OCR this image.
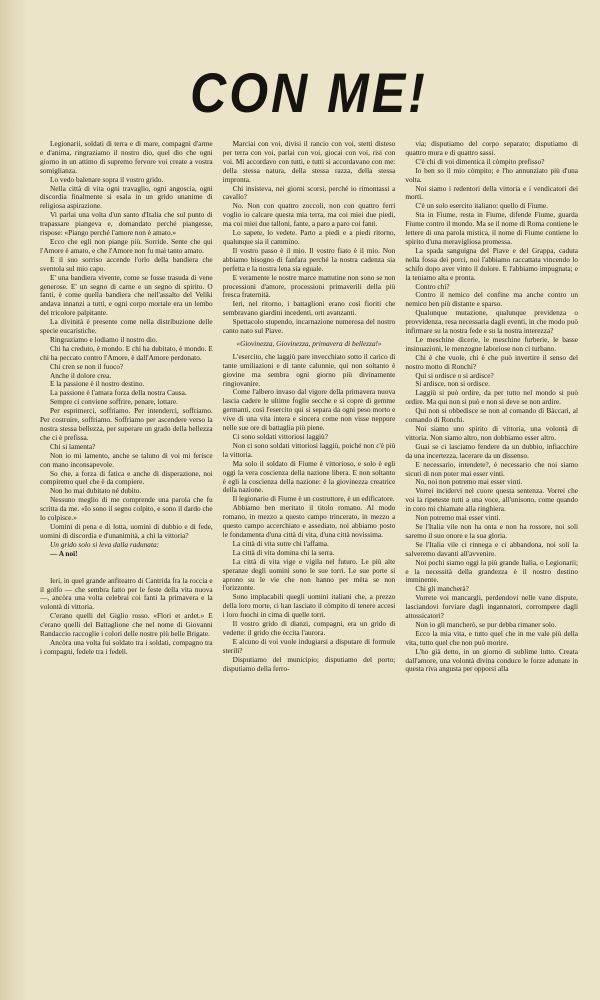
CON ME!

Legionarii, soldati di terra e di mare, compagni d'arme e d'anima, ringraziamo il nostro dio, quel dio che ogni giorno in un attimo di supremo fervore voi create a vostra somiglianza.

Lo vedo balenare sopra il vostro grido.

Nella città di vita ogni travaglio, ogni angoscia, ogni discordia finalmente si esala in un grido unanime di religiosa aspirazione.

Vi parlai una volta d'un santo d'Italia che sul punto di trapassare piangeva e, domandato perché piangesse, rispose: «Piango perché l'amore non è amato.»

Ecco che egli non piange più. Sorride. Sente che qui l'Amore è amato, e che l'Amore non fu mai tanto amato.

E il suo sorriso accende l'orlo della bandiera che sventola sul mio capo.

E' una bandiera vivente, come se fosse trasuda di vene generose. E' un segno di carne e un segno di spirito. O fanti, è come quella bandiera che nell'assalto del Veliki andava innanzi a tutti, e ogni corpo mortale era un lembo del tricolore palpitante.

La divinità è presente come nella distribuzione delle specie eucaristiche.

Ringraziamo e lodiamo il nostro dio.

Chi ha creduto, è mondo. E chi ha dubitato, è mondo. E chi ha peccato contro l'Amore, è dall'Amore perdonato.

Chi cren se non il fuoco?

Anche il dolore crea.

E la passione è il nostro destino.

La passione è l'amara forza della nostra Causa.

Sempre ci conviene soffrire, penare, lottare.

Per esprimerci, soffriamo. Per intenderci, soffriamo. Per costruire, soffriamo. Soffriamo per ascendere verso la nostra stessa bellezza, per superare un grado della bellezza che ci è prefissa.

Chi si lamenta?

Non io mi lamento, anche se taluno di voi mi ferisce con mano inconsapevole.

So che, a forza di fatica e anche di disperazione, noi compiremo quel che è da compiere.

Non ho mai dubitato né dubito.

Nessuno meglio di me comprende una parola che fu scritta da me. «Io sono il segno colpito, e sono il dardo che lo colpisce.»

Uomini di pena e di lotta, uomini di dubbio e di fede, uomini di discordia e d'unanimità, a chi la vittoria?

Un grido solo si leva dalla radunata:

— A noi!

Ieri, in quel grande anfiteatro di Cantrida fra la roccia e il golfo — che sembra fatto per le feste della vita nuova —, ancòra una volta celebrai coi fanti la primavera e la volontà di vittoria.

C'erano quelli del Giglio rosso. «Flori et ardet.» E c'erano quelli del Battaglione che nel nome di Giovanni Randaccio raccoglie i colori delle nostre più belle Brigate.

Ancòra una volta fui soldato tra i soldati, compagno tra i compagni, fedele tra i fedeli.

Marciai con voi, divisi il rancio con voi, stetti disteso per terra con voi, parlai con voi, giocai con voi, risi con voi. Mi accordavo con tutti, e tutti si accordavano con me: della stessa natura, della stessa razza, della stessa impronta.

Chi insisteva, nei giorni scorsi, perché io rimontassi a cavallo?

No. Non con quattro zoccoli, non con quattro ferri voglio io calcare questa mia terra, ma coi miei due piedi, ma coi miei due talloni, fante, a paro a paro coi fanti.

Lo sapete, lo vedete. Parto a piedi e a piedi ritorno, qualunque sia il cammino.

Il vostro passo è il mio. Il vostro fiato è il mio. Non abbiamo bisogno di fanfara perché la nostra cadenza sia perfetta e la nostra lena sia eguale.

E veramente le nostre marce mattutine non sono se non processioni d'amore, processioni primaverili della più fresca fraternità.

Ieri, nel ritorno, i battaglioni erano così fioriti che sembravano giardini incedenti, orti avanzanti.

Spettacolo stupendo, incarnazione numerosa del nostro canto nato sul Piave.

«Giovinezza, Giovinezza, primavera di bellezza!»

L'esercito, che laggiù pare invecchiato sotto il carico di tante umiliazioni e di tante calunnie, qui non soltanto è giovine ma sembra ogni giorno più divinamente ringiovanire.

Come l'albero invaso dal vigore della primavera nuova lascia cadere le ultime foglie secche e si copre di gemme germanti, così l'esercito qui si separa da ogni peso morto e vive di una vita intera e sincera come non visse neppure nelle sue ore di battaglia più piene.

Ci sono soldati vittoriosi laggiù?

Non ci sono soldati vittoriosi laggiù, poiché non c'è più la vittoria.

Ma solo il soldato di Fiume è vittorioso, e solo è egli oggi la vera coscienza della nazione libera. E non soltanto è egli la coscienza della nazione: è la giovinezza creatrice della nazione.

Il legionario di Fiume è un costruttore, è un edificatore.

Abbiamo ben meritato il titolo romano. Al modo romano, in mezzo a questo campo trincerato, in mezzo a questo campo accerchiato e assediato, noi abbiamo posto le fondamenta d'una città di vita, d'una città novissima.

La città di vita sutre chi l'affama.

La città di vita domina chi la serra.

La città di vita vige e vigila nel futuro. Le più alte speranze degli uomini sono le sue torri. Le sue porte si aprono su le vie che non hanno per mèta se non l'orizzonte.

Sono implacabili quegli uomini italiani che, a prezzo della loro morte, ci han lasciato il còmpito di tenere accesi i loro fuochi in cima di quelle torri.

Il vostro grido di dianzi, compagni, era un grido di vedette: il grido che èccita l'aurora.

E alcuno di voi vuole indugiarsi a disputare di formule sterili?

Disputiamo del municipio; disputiamo del porto; disputiamo della ferro-

via; disputiamo del corpo separato; disputiamo di quattro mura e di quattro sassi.

C'è chi di voi dimentica il còmpito prefisso?

Io ben so il mio còmpito; e l'ho annunziato più d'una volta.

Noi siamo i redentori della vittoria e i vendicatori dei morti.

C'è un solo esercito italiano: quello di Fiume.

Sta in Fiume, resta in Fiume, difende Fiume, guarda Fiume contro il mondo. Ma se il nome di Roma contiene le lettere di una parola mistica, il nome di Fiume contiene lo spirito d'una meravigliosa promessa.

La spada sanguigna del Piave e del Grappa, caduta nella fossa dei porci, noi l'abbiamo raccattata vincendo lo schifo dopo aver vinto il dolore. E l'abbiamo impugnata; e la teniamo alta e pronta.

Contro chi?

Contro il nemico del confine ma anche contro un nemico ben più distante e sparso.

Qualunque mutazione, qualunque previdenza o provvidenza, resa necessaria dagli eventi, in che modo può infirmare su la nostra fede e su la nostra interezza?

Le meschine dicerie, le meschine furberie, le basse insinuazioni, le menzogne laboriose non ci turbano.

Chi è che vuole, chi è che può invertire il senso del nostro motto di Ronchi?

Qui si ordisce o si ardisce?

Si ardisce, non si ordisce.

Laggiù si può ordire, da per tutto nel mondo si può ordire. Ma qui non si può e non si deve se non ardire.

Qui non si obbedisce se non al comando di Bàccari, al comando di Ronchi.

Noi siamo uno spirito di vittoria, una volontà di vittoria. Non siamo altro, non dobbiamo esser altro.

Guai se ci lasciamo fendere da un dubbio, infiacchire da una incertezza, lacerare da un dissenso.

E necessario, intendete?, è necessario che noi siamo sicuri di non poter mai esser vinti.

No, noi non potremo mai esser vinti.

Vorrei incidervi nel cuore questa sentenza. Vorrei che voi la ripeteste tutti a una voce, all'unisono, come quando in coro mi chiamate alla ringhiera.

Non potremo mai esser vinti.

Se l'Italia vile non ha onta e non ha rossore, noi soli saremo il suo onore e la sua gloria.

Se l'Italia vile ci rinnega e ci abbandona, noi soli la salveremo davanti all'avvenire.

Noi pochi siamo oggi la più grande Italia, o Legionarii; e la necessità della grandezza è il nostro destino imminente.

Chi gli mancherà?

Vorrete voi mancargli, perdendovi nelle vane dispute, lasciandovi forviare dagli ingannatori, corrompere dagli attossicatori?

Non io gli mancherò, se pur debba rimaner solo.

Ecco la mia vita, e tutto quel che in me vale più della vita, tutto quel che non può morire.

L'ho già detto, in un giorno di sublime lutto. Creata dall'amore, una volontà divina conduce le forze adunate in questa riva angusta per opporsi alla
